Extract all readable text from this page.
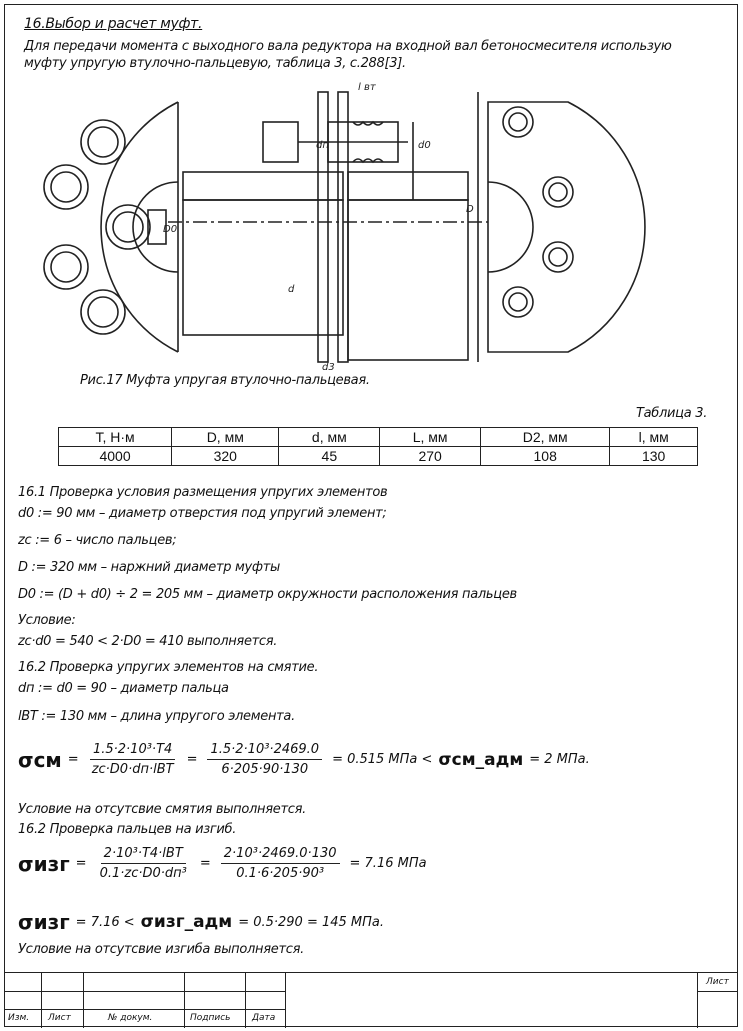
16.Выбор и расчет муфт.
Для передачи момента с выходного вала редуктора на входной вал бетоносмесителя использую муфту упругую втулочно-пальцевую, таблица 3, с.288[3].
l вт
dп	d0
D
d
D0
d3
Рис.17 Муфта упругая втулочно-пальцевая.
Таблица 3.
T, H·м	D, мм	d, мм	L, мм	D2, мм	l, мм
4000	320	45	270	108	130
16.1 Проверка условия размещения упругих элементов
d0 := 90 мм – диаметр отверстия под упругий элемент;
zc := 6 – число пальцев;
D := 320 мм – наржний диаметр муфты
D0 := (D + d0) ÷ 2 = 205 мм – диаметр окружности расположения пальцев
Условие:
zc·d0 = 540 < 2·D0 = 410 выполняется.
16.2 Проверка упругих элементов на смятие.
dп := d0 = 90 – диаметр пальца
lBT := 130 мм – длина упругого элемента.
$\sigma см = \frac{\text{1.5·2·10³·T4}}{\text{zc·D0·dп·lBT}} = \frac{\text{1.5·2·10³·2469.0}}{6\cdot 205\cdot 90\cdot 130} = 0.515$ МПа < σсм_адм = 2 МПа.
Условие на отсутсвие смятия выполняется.
16.2 Проверка пальцев на изгиб.
$\sigma изг = \frac{\text{2·10³·T4·lBT}}{\text{0.1·zc·D0·dп³}} = \frac{\text{2·10³·2469.0·130}}{\text{0.1·6·205·90³}} = 7.16$ МПа
σизг = 7.16 < σизг_адм = 0.5·290 = 145 МПа.
Условие на отсутсвие изгиба выполняется.
Изм. Лист	№ докум.	Подпись Дата
Лист
